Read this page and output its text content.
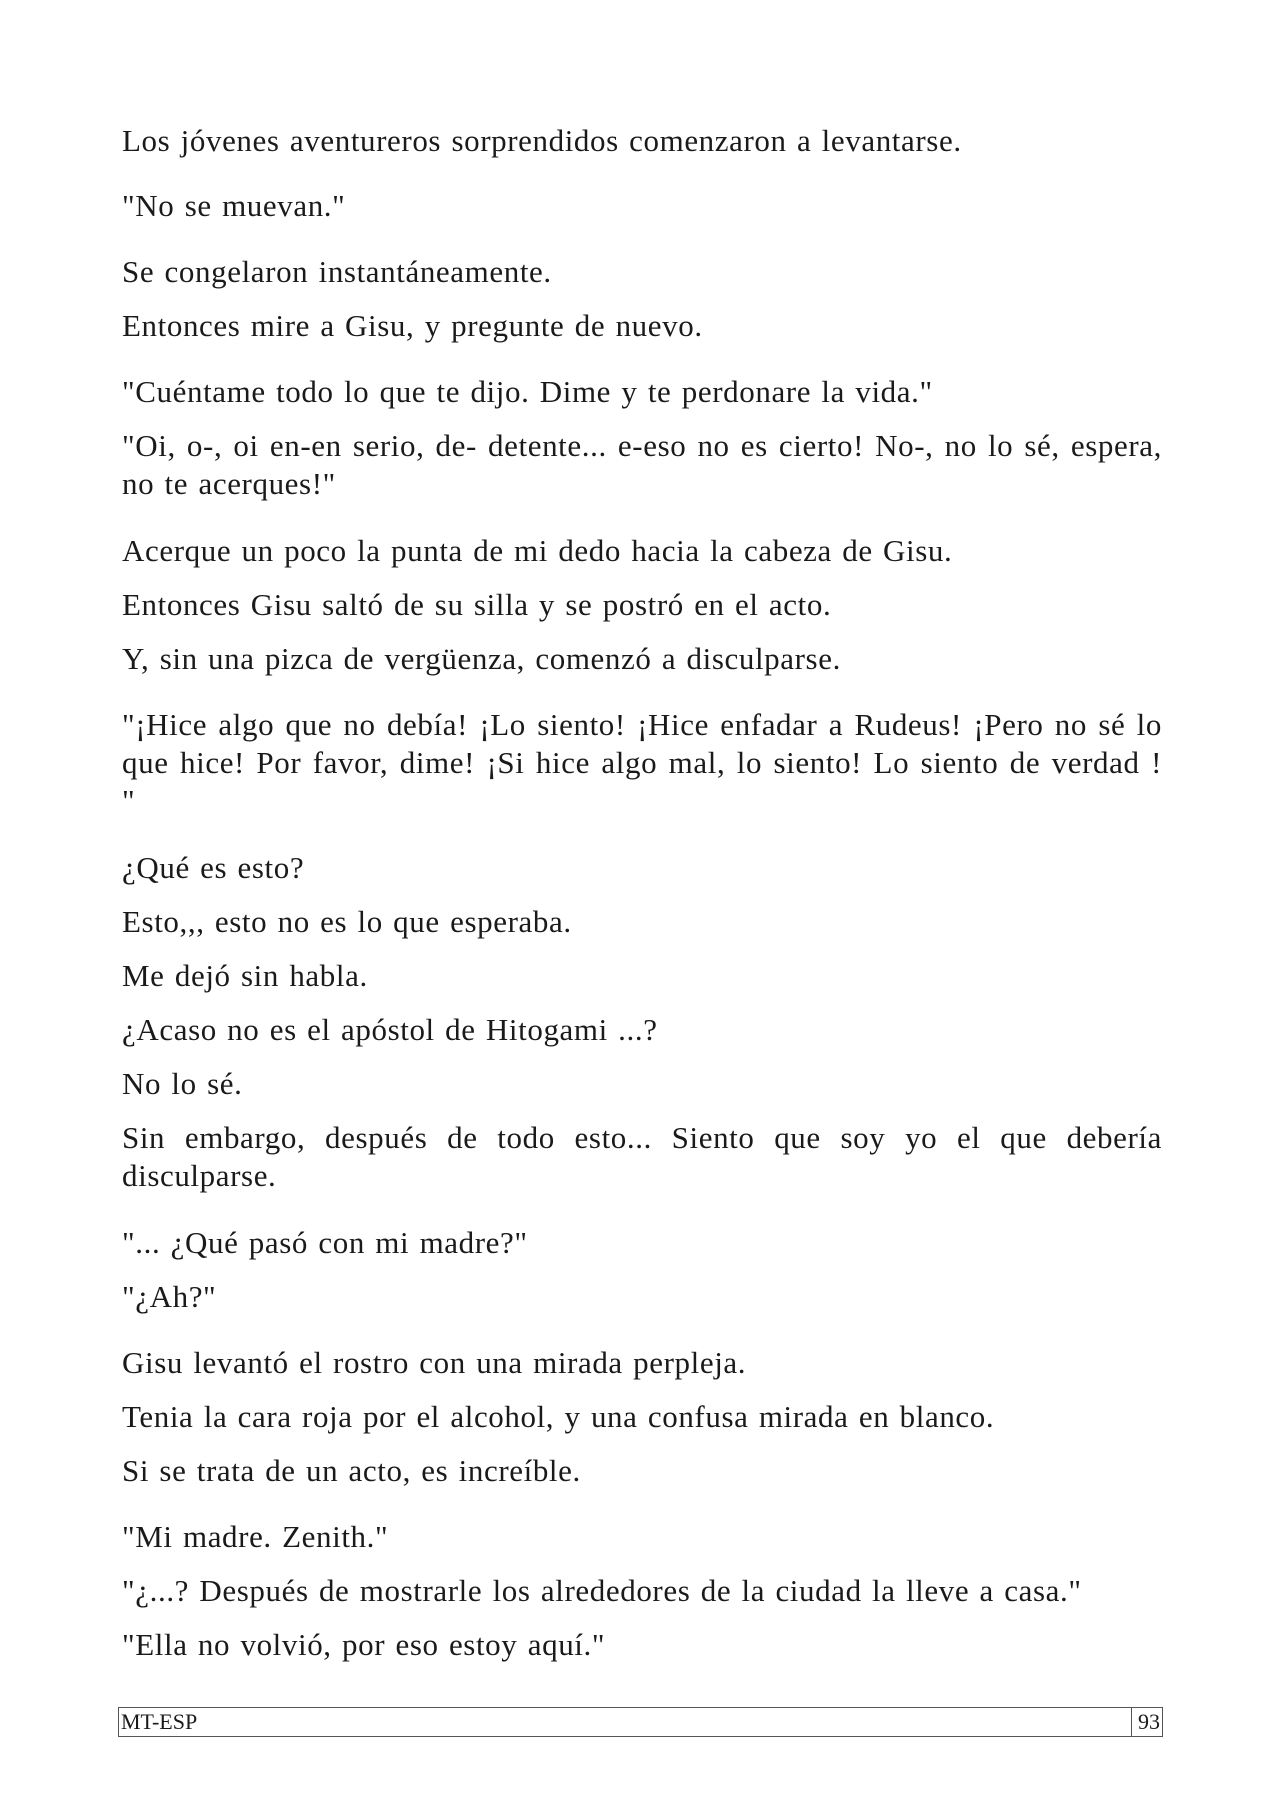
Los jóvenes aventureros sorprendidos comenzaron a levantarse.

"No se muevan."

Se congelaron instantáneamente.

Entonces mire a Gisu, y pregunte de nuevo.

"Cuéntame todo lo que te dijo. Dime y te perdonare la vida."

"Oi, o-, oi en-en serio, de- detente... e-eso no es cierto! No-, no lo sé, espera, no te acerques!"

Acerque un poco la punta de mi dedo hacia la cabeza de Gisu.

Entonces Gisu saltó de su silla y se postró en el acto.

Y, sin una pizca de vergüenza, comenzó a disculparse.

"¡Hice algo que no debía! ¡Lo siento! ¡Hice enfadar a Rudeus! ¡Pero no sé lo que hice! Por favor, dime! ¡Si hice algo mal, lo siento! Lo siento de verdad ! "

¿Qué es esto?

Esto,,, esto no es lo que esperaba.

Me dejó sin habla.

¿Acaso no es el apóstol de Hitogami ...?

No lo sé.

Sin embargo, después de todo esto... Siento que soy yo el que debería disculparse.

"... ¿Qué pasó con mi madre?"

"¿Ah?"

Gisu levantó el rostro con una mirada perpleja.

Tenia la cara roja por el alcohol, y una confusa mirada en blanco.

Si se trata de un acto, es increíble.

"Mi madre. Zenith."

"¿...? Después de mostrarle los alrededores de la ciudad la lleve a casa."

"Ella no volvió, por eso estoy aquí."

MT-ESP	93
